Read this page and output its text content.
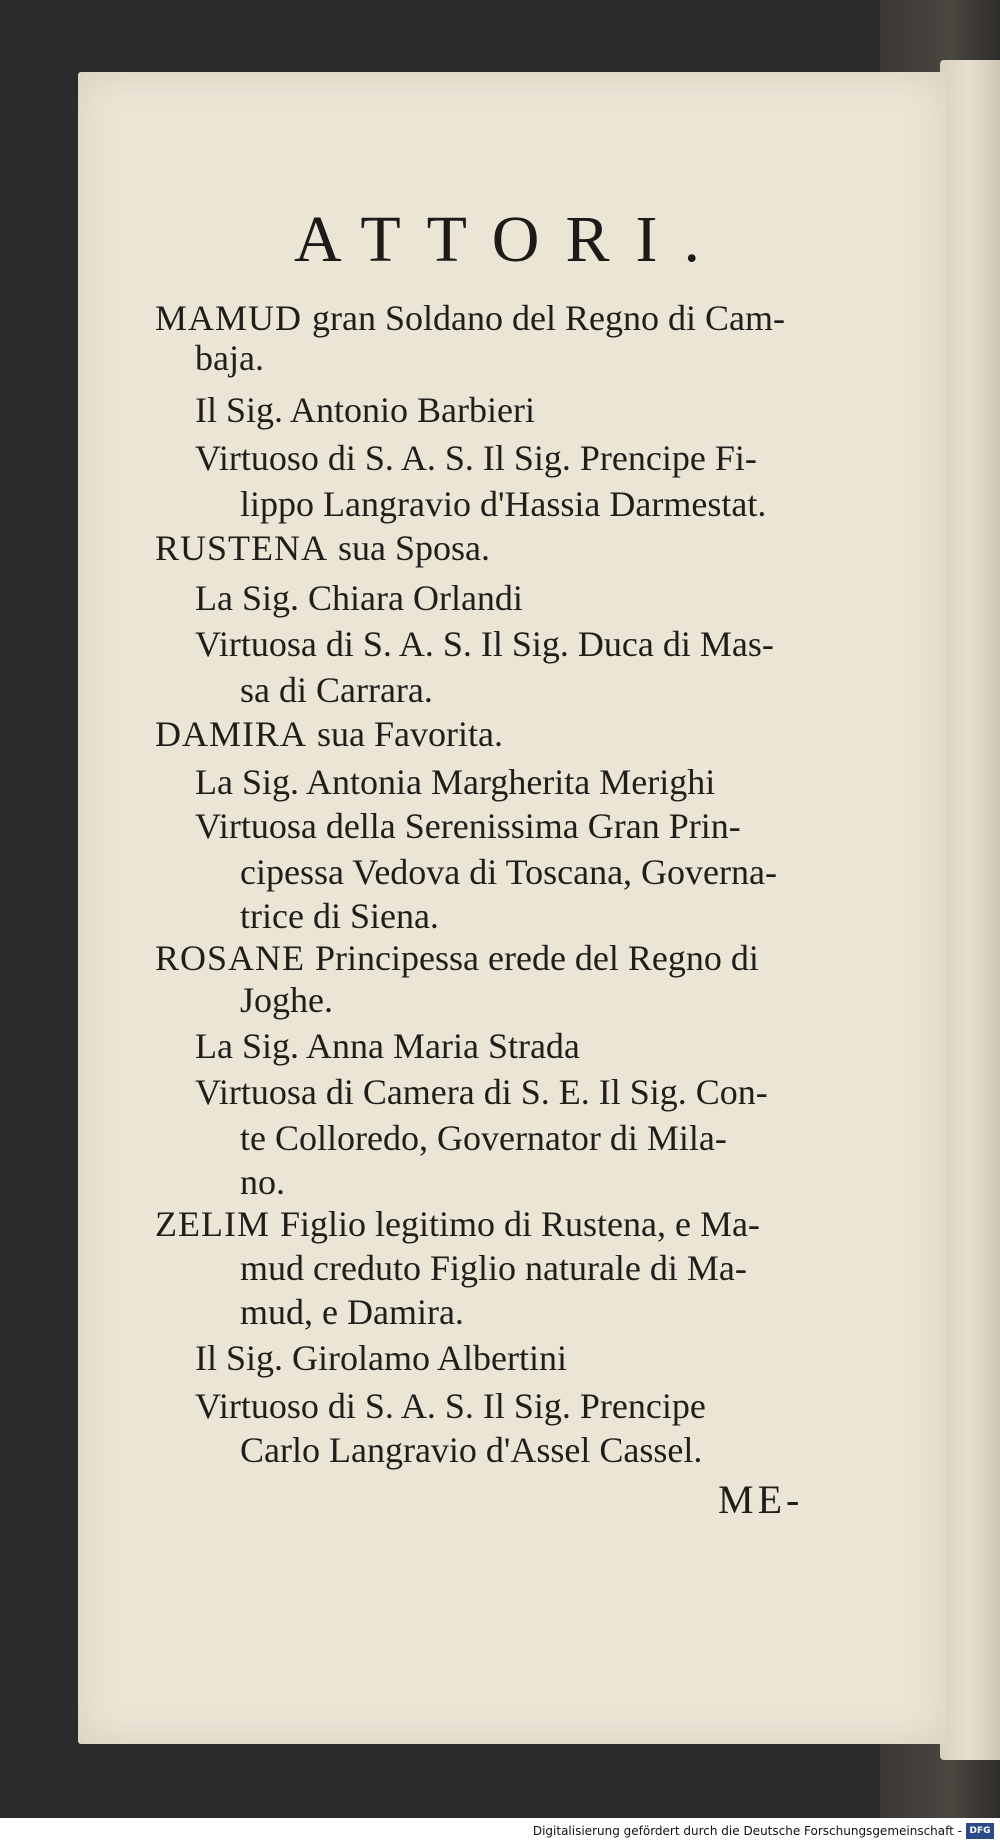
ATTORI.
MAMUD gran Soldano del Regno di Cam-
baja.
Il Sig. Antonio Barbieri
Virtuoso di S. A. S. Il Sig. Prencipe Fi-
lippo Langravio d'Hassia Darmestat.
RUSTENA sua Sposa.
La Sig. Chiara Orlandi
Virtuosa di S. A. S. Il Sig. Duca di Mas-
sa di Carrara.
DAMIRA sua Favorita.
La Sig. Antonia Margherita Merighi
Virtuosa della Serenissima Gran Prin-
cipessa Vedova di Toscana, Governa-
trice di Siena.
ROSANE Principessa erede del Regno di
Joghe.
La Sig. Anna Maria Strada
Virtuosa di Camera di S. E. Il Sig. Con-
te Colloredo, Governator di Mila-
no.
ZELIM Figlio legitimo di Rustena, e Ma-
mud creduto Figlio naturale di Ma-
mud, e Damira.
Il Sig. Girolamo Albertini
Virtuoso di S. A. S. Il Sig. Prencipe
Carlo Langravio d'Assel Cassel.
ME-
Digitalisierung gefördert durch die Deutsche Forschungsgemeinschaft - DFG
